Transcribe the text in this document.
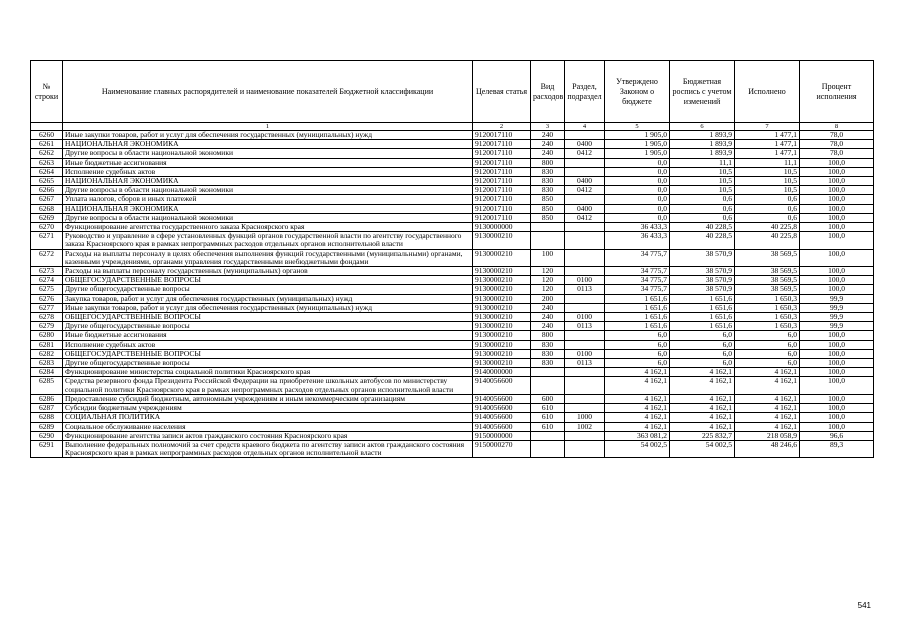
№ строки	Наименование главных распорядителей и наименование показателей Бюджетной классификации	Целевая статья	Вид расходов	Раздел, подраздел	Утверждено Законом о бюджете	Бюджетная роспись с учетом изменений	Исполнено	Процент исполнения
	1	2	3	4	5	6	7	8
6260	Иные закупки товаров, работ и услуг для обеспечения государственных (муниципальных) нужд	9120017110	240		1 905,0	1 893,9	1 477,1	78,0
6261	НАЦИОНАЛЬНАЯ ЭКОНОМИКА	9120017110	240	0400	1 905,0	1 893,9	1 477,1	78,0
6262	Другие вопросы в области национальной экономики	9120017110	240	0412	1 905,0	1 893,9	1 477,1	78,0
6263	Иные бюджетные ассигнования	9120017110	800		0,0	11,1	11,1	100,0
6264	Исполнение судебных актов	9120017110	830		0,0	10,5	10,5	100,0
6265	НАЦИОНАЛЬНАЯ ЭКОНОМИКА	9120017110	830	0400	0,0	10,5	10,5	100,0
6266	Другие вопросы в области национальной экономики	9120017110	830	0412	0,0	10,5	10,5	100,0
6267	Уплата налогов, сборов и иных платежей	9120017110	850		0,0	0,6	0,6	100,0
6268	НАЦИОНАЛЬНАЯ ЭКОНОМИКА	9120017110	850	0400	0,0	0,6	0,6	100,0
6269	Другие вопросы в области национальной экономики	9120017110	850	0412	0,0	0,6	0,6	100,0
6270	Функционирование агентства государственного заказа Красноярского края	9130000000			36 433,3	40 228,5	40 225,8	100,0
6271	Руководство и управление в сфере установленных функций органов государственной власти по агентству государственного заказа Красноярского края в рамках непрограммных расходов отдельных органов исполнительной власти	9130000210			36 433,3	40 228,5	40 225,8	100,0
6272	Расходы на выплаты персоналу в целях обеспечения выполнения функций государственными (муниципальными) органами, казенными учреждениями, органами управления государственными внебюджетными фондами	9130000210	100		34 775,7	38 570,9	38 569,5	100,0
6273	Расходы на выплаты персоналу государственных (муниципальных) органов	9130000210	120		34 775,7	38 570,9	38 569,5	100,0
6274	ОБЩЕГОСУДАРСТВЕННЫЕ ВОПРОСЫ	9130000210	120	0100	34 775,7	38 570,9	38 569,5	100,0
6275	Другие общегосударственные вопросы	9130000210	120	0113	34 775,7	38 570,9	38 569,5	100,0
6276	Закупка товаров, работ и услуг для обеспечения государственных (муниципальных) нужд	9130000210	200		1 651,6	1 651,6	1 650,3	99,9
6277	Иные закупки товаров, работ и услуг для обеспечения государственных (муниципальных) нужд	9130000210	240		1 651,6	1 651,6	1 650,3	99,9
6278	ОБЩЕГОСУДАРСТВЕННЫЕ ВОПРОСЫ	9130000210	240	0100	1 651,6	1 651,6	1 650,3	99,9
6279	Другие общегосударственные вопросы	9130000210	240	0113	1 651,6	1 651,6	1 650,3	99,9
6280	Иные бюджетные ассигнования	9130000210	800		6,0	6,0	6,0	100,0
6281	Исполнение судебных актов	9130000210	830		6,0	6,0	6,0	100,0
6282	ОБЩЕГОСУДАРСТВЕННЫЕ ВОПРОСЫ	9130000210	830	0100	6,0	6,0	6,0	100,0
6283	Другие общегосударственные вопросы	9130000210	830	0113	6,0	6,0	6,0	100,0
6284	Функционирование министерства социальной политики Красноярского края	9140000000			4 162,1	4 162,1	4 162,1	100,0
6285	Средства резервного фонда Президента Российской Федерации на приобретение школьных автобусов по министерству социальной политики Красноярского края в рамках непрограммных расходов отдельных органов исполнительной власти	9140056600			4 162,1	4 162,1	4 162,1	100,0
6286	Предоставление субсидий бюджетным, автономным учреждениям и иным некоммерческим организациям	9140056600	600		4 162,1	4 162,1	4 162,1	100,0
6287	Субсидии бюджетным учреждениям	9140056600	610		4 162,1	4 162,1	4 162,1	100,0
6288	СОЦИАЛЬНАЯ ПОЛИТИКА	9140056600	610	1000	4 162,1	4 162,1	4 162,1	100,0
6289	Социальное обслуживание населения	9140056600	610	1002	4 162,1	4 162,1	4 162,1	100,0
6290	Функционирование агентства записи актов гражданского состояния Красноярского края	9150000000			363 081,2	225 832,7	218 058,9	96,6
6291	Выполнение федеральных полномочий за счет средств краевого бюджета по агентству записи актов гражданского состояния Красноярского края в рамках непрограммных расходов отдельных органов исполнительной власти	9150000270			54 002,5	54 002,5	48 246,6	89,3
541
